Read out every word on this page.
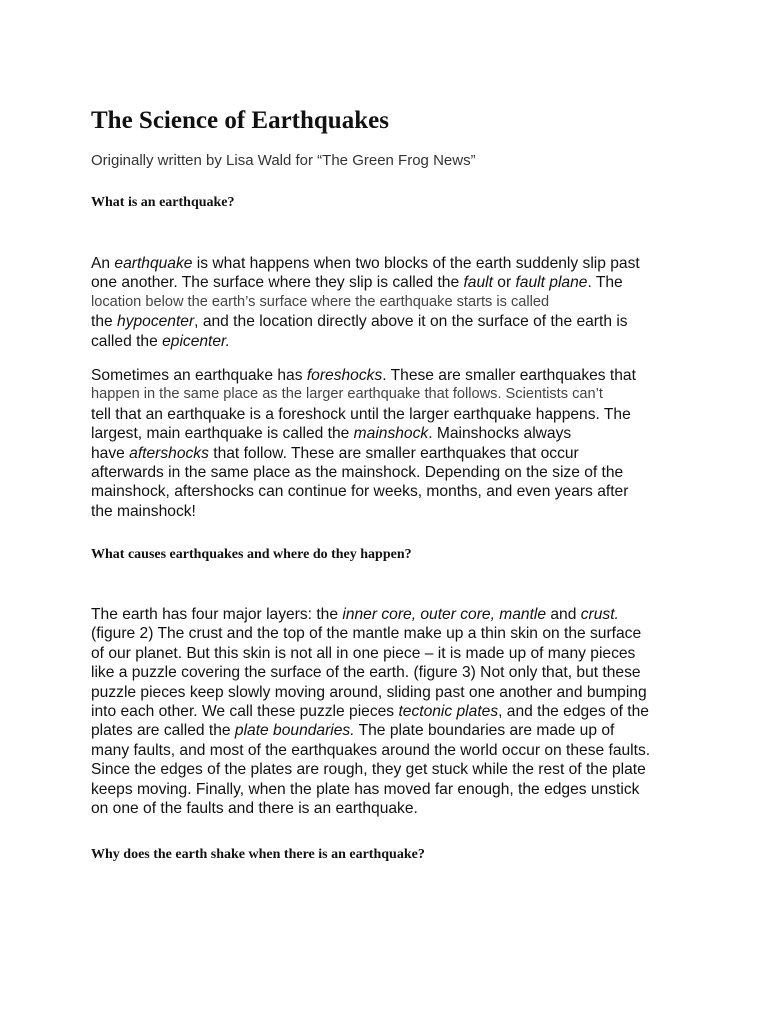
The Science of Earthquakes

Originally written by Lisa Wald for “The Green Frog News”

What is an earthquake?

An earthquake is what happens when two blocks of the earth suddenly slip past
one another. The surface where they slip is called the fault or fault plane. The
location below the earth’s surface where the earthquake starts is called
the hypocenter, and the location directly above it on the surface of the earth is
called the epicenter.

Sometimes an earthquake has foreshocks. These are smaller earthquakes that
happen in the same place as the larger earthquake that follows. Scientists can’t
tell that an earthquake is a foreshock until the larger earthquake happens. The
largest, main earthquake is called the mainshock. Mainshocks always
have aftershocks that follow. These are smaller earthquakes that occur
afterwards in the same place as the mainshock. Depending on the size of the
mainshock, aftershocks can continue for weeks, months, and even years after
the mainshock!

What causes earthquakes and where do they happen?

The earth has four major layers: the inner core, outer core, mantle and crust.
(figure 2) The crust and the top of the mantle make up a thin skin on the surface
of our planet. But this skin is not all in one piece – it is made up of many pieces
like a puzzle covering the surface of the earth. (figure 3) Not only that, but these
puzzle pieces keep slowly moving around, sliding past one another and bumping
into each other. We call these puzzle pieces tectonic plates, and the edges of the
plates are called the plate boundaries. The plate boundaries are made up of
many faults, and most of the earthquakes around the world occur on these faults.
Since the edges of the plates are rough, they get stuck while the rest of the plate
keeps moving. Finally, when the plate has moved far enough, the edges unstick
on one of the faults and there is an earthquake.

Why does the earth shake when there is an earthquake?
